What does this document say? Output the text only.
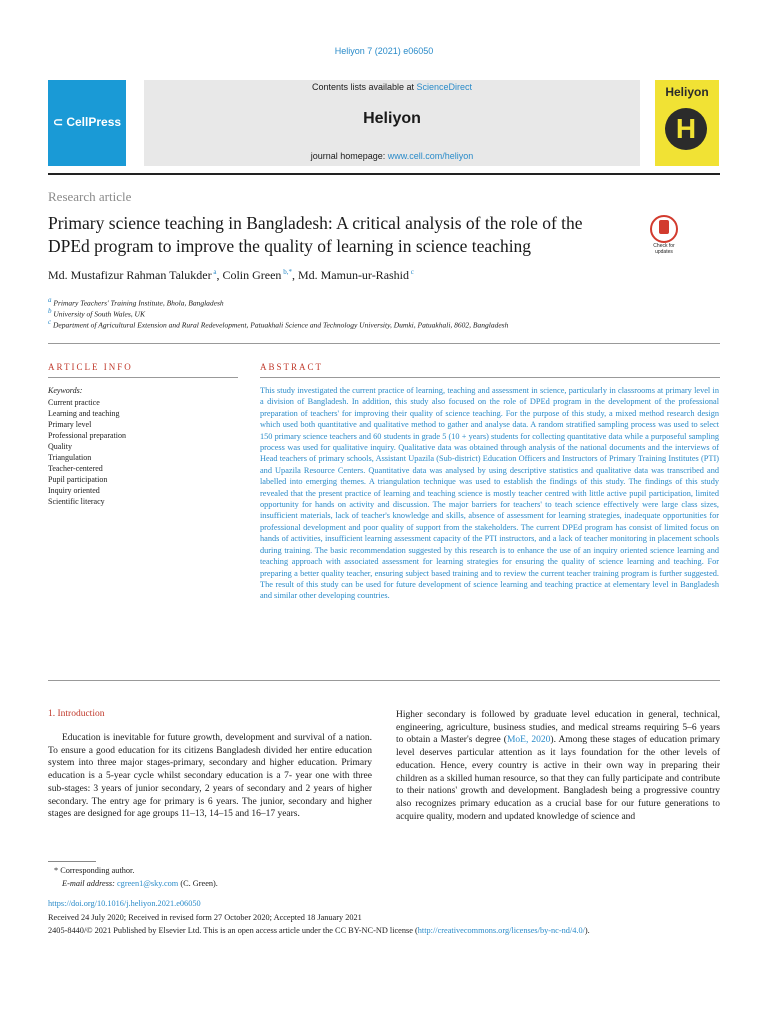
Heliyon 7 (2021) e06050
⊂ CellPress
Contents lists available at ScienceDirect
Heliyon
journal homepage: www.cell.com/heliyon
Heliyon
H
Research article
Primary science teaching in Bangladesh: A critical analysis of the role of the DPEd program to improve the quality of learning in science teaching	Check for updates
Md. Mustafizur Rahman Talukder $^a$, Colin Green $^{b,*}$, Md. Mamun-ur-Rashid $^c$
$^a$ Primary Teachers' Training Institute, Bhola, Bangladesh
$^b$ University of South Wales, UK
$^c$ Department of Agricultural Extension and Rural Redevelopment, Patuakhali Science and Technology University, Dumki, Patuakhali, 8602, Bangladesh
ARTICLE INFO	ABSTRACT
Keywords:
Current practice
Learning and teaching
Primary level
Professional preparation
Quality
Triangulation
Teacher-centered
Pupil participation
Inquiry oriented
Scientific literacy
This study investigated the current practice of learning, teaching and assessment in science, particularly in classrooms at primary level in a division of Bangladesh. In addition, this study also focused on the role of DPEd program in the development of the professional preparation of teachers' for improving their quality of science teaching. For the purpose of this study, a mixed method research design which used both quantitative and qualitative method to gather and analyse data. A random stratified sampling process was used to select 150 primary science teachers and 60 students in grade 5 (10 + years) students for collecting quantitative data while a purposeful sampling process was used for qualitative inquiry. Qualitative data was obtained through analysis of the national documents and the interviews of Head teachers of primary schools, Assistant Upazila (Sub-district) Education Officers and Instructors of Primary Training Institutes (PTI) and Upazila Resource Centers. Quantitative data was analysed by using descriptive statistics and qualitative data was transcribed and labelled into emerging themes. A triangulation technique was used to establish the findings of this study. The findings of this study revealed that the present practice of learning and teaching science is mostly teacher centred with little active pupil participation, limited opportunity for hands on activity and discussion. The major barriers for teachers' to teach science effectively were large class sizes, insufficient materials, lack of teacher's knowledge and skills, absence of assessment for learning strategies, inadequate opportunities for professional development and poor quality of support from the stakeholders. The current DPEd program has consist of limited focus on hands of activities, insufficient learning assessment capacity of the PTI instructors, and a lack of teacher monitoring in placement schools during training. The basic recommendation suggested by this research is to enhance the use of an inquiry oriented science learning and teaching approach with associated assessment for learning strategies for ensuring the quality of science learning and teaching. For preparing a better quality teacher, ensuring subject based training and to review the current teacher training program is further suggested. The result of this study can be used for future development of science learning and teaching practice at elementary level in Bangladesh and similar other developing countries.
1. Introduction
Education is inevitable for future growth, development and survival of a nation. To ensure a good education for its citizens Bangladesh divided her entire education system into three major stages-primary, secondary and higher education. Primary education is a 5-year cycle whilst secondary education is a 7- year one with three sub-stages: 3 years of junior secondary, 2 years of secondary and 2 years of higher secondary. The entry age for primary is 6 years. The junior, secondary and higher stages are designed for age groups 11–13, 14–15 and 16–17 years.
Higher secondary is followed by graduate level education in general, technical, engineering, agriculture, business studies, and medical streams requiring 5–6 years to obtain a Master's degree (MoE, 2020). Among these stages of education primary level deserves particular attention as it lays foundation for the other levels of education. Hence, every country is active in their own way in preparing their children as a skilled human resource, so that they can fully participate and contribute to their nations' growth and development. Bangladesh being a progressive country also recognizes primary education as a crucial base for our future generations to acquire quality, modern and updated knowledge of science and
* Corresponding author.
E-mail address: cgreen1@sky.com (C. Green).
https://doi.org/10.1016/j.heliyon.2021.e06050
Received 24 July 2020; Received in revised form 27 October 2020; Accepted 18 January 2021
2405-8440/© 2021 Published by Elsevier Ltd. This is an open access article under the CC BY-NC-ND license (http://creativecommons.org/licenses/by-nc-nd/4.0/).
